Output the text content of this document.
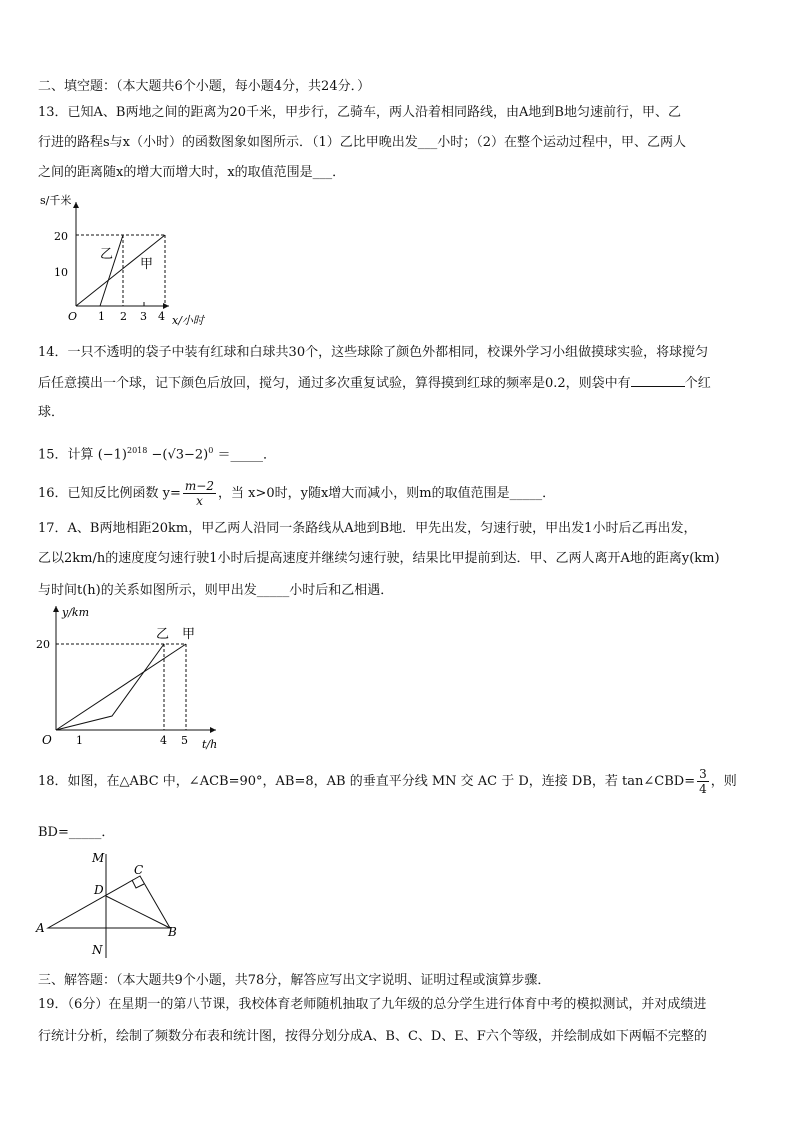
二、填空题：（本大题共6个小题，每小题4分，共24分．）
13．已知A、B两地之间的距离为20千米，甲步行，乙骑车，两人沿着相同路线，由A地到B地匀速前行，甲、乙
行进的路程s与x（小时）的函数图象如图所示．（1）乙比甲晚出发___小时；（2）在整个运动过程中，甲、乙两人
之间的距离随x的增大而增大时，x的取值范围是___．
s/千米
x/小时
O
20
10
1 2 3 4
乙
甲
14．一只不透明的袋子中装有红球和白球共30个，这些球除了颜色外都相同，校课外学习小组做摸球实验，将球搅匀
后任意摸出一个球，记下颜色后放回，搅匀，通过多次重复试验，算得摸到红球的频率是0.2，则袋中有	个红
球．
15．计算 $(-1)^{2018} -(√3-2)^0$ ＝_____．
16．已知反比例函数 $y= \frac{m-2}{x}$ ，当 x>0时，y随x增大而减小，则m的取值范围是_____．
17．A、B两地相距20km，甲乙两人沿同一条路线从A地到B地．甲先出发，匀速行驶，甲出发1小时后乙再出发，
乙以2km/h的速度度匀速行驶1小时后提高速度并继续匀速行驶，结果比甲提前到达．甲、乙两人离开A地的距离y(km)
与时间t(h)的关系如图所示，则甲出发_____小时后和乙相遇．
y/km
t/h
O
20
1	4 5
乙 甲
18．如图，在△ABC 中，∠ACB=90°，AB=8，AB 的垂直平分线 MN 交 AC 于 D，连接 DB，若 tan∠CBD= $\frac{3}{4}$ ，则
BD=_____．
M
N
A	B
C
D
三、解答题：（本大题共9个小题，共78分，解答应写出文字说明、证明过程或演算步骤．
19．（6分）在星期一的第八节课，我校体育老师随机抽取了九年级的总分学生进行体育中考的模拟测试，并对成绩进
行统计分析，绘制了频数分布表和统计图，按得分划分成A、B、C、D、E、F六个等级，并绘制成如下两幅不完整的
